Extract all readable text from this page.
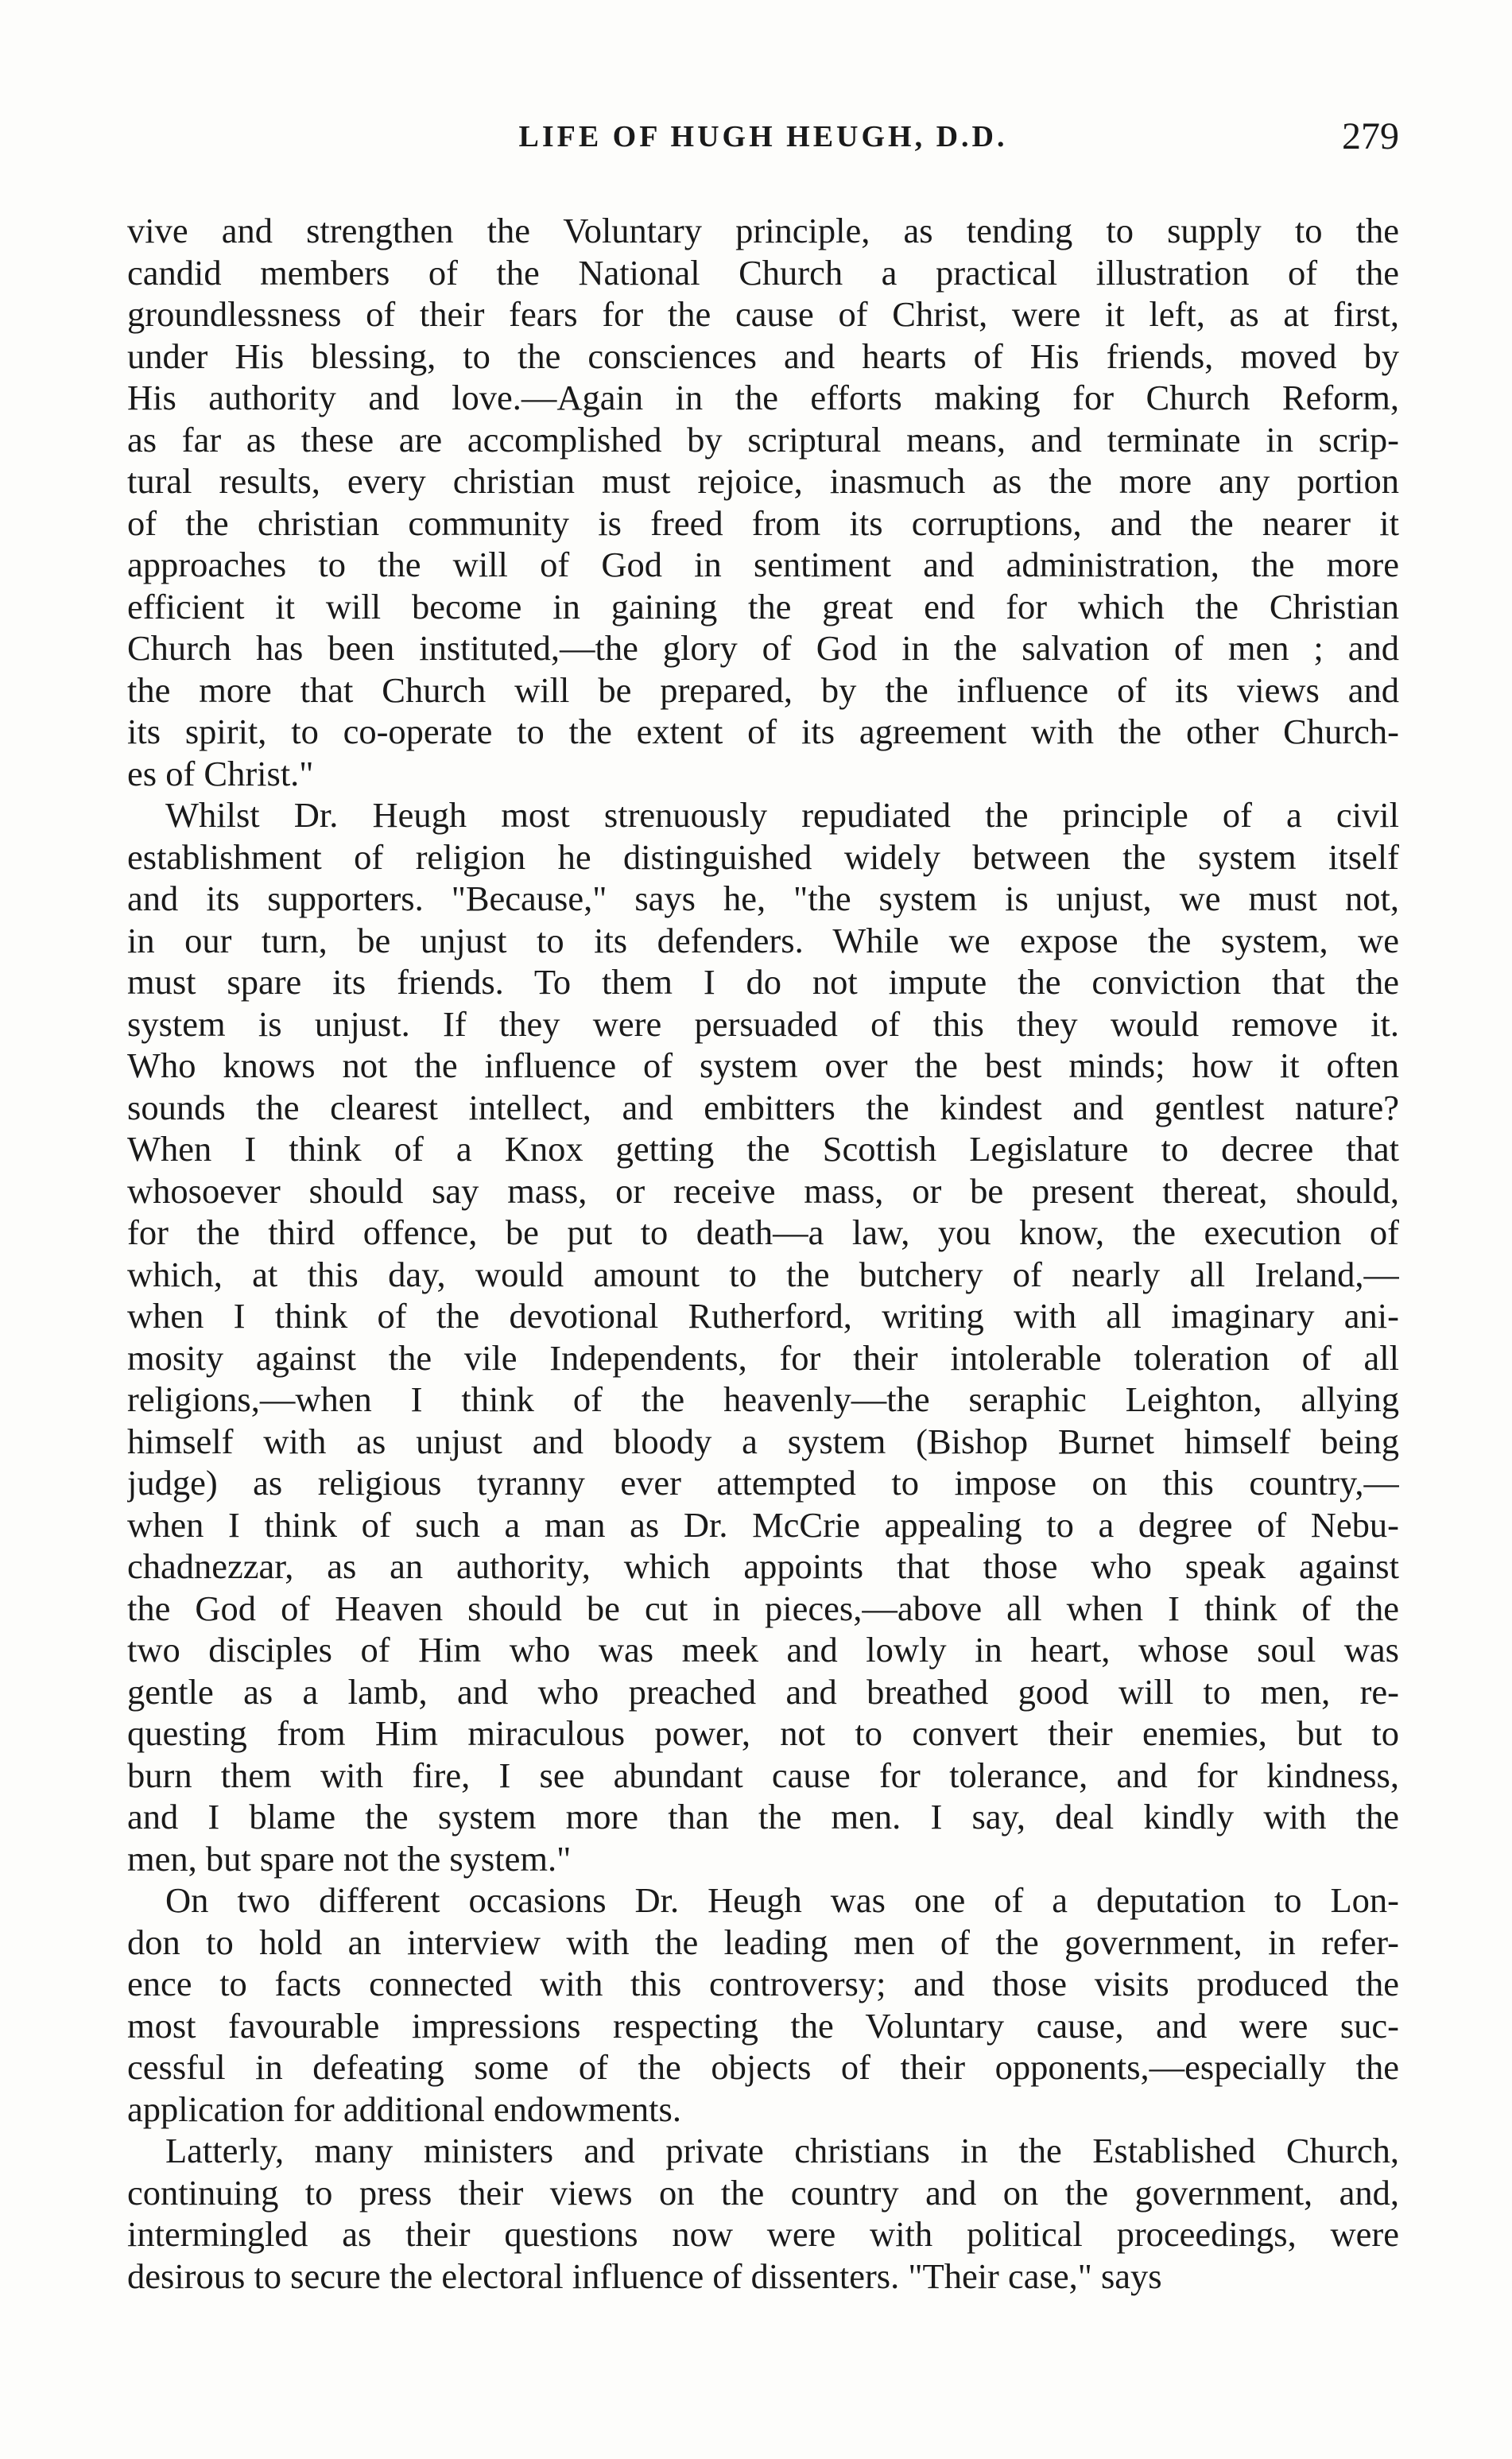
LIFE OF HUGH HEUGH, D.D.	279
vive and strengthen the Voluntary principle, as tending to supply to the
candid members of the National Church a practical illustration of the
groundlessness of their fears for the cause of Christ, were it left, as at first,
under His blessing, to the consciences and hearts of His friends, moved by
His authority and love.—Again in the efforts making for Church Reform,
as far as these are accomplished by scriptural means, and terminate in scrip-
tural results, every christian must rejoice, inasmuch as the more any portion
of the christian community is freed from its corruptions, and the nearer it
approaches to the will of God in sentiment and administration, the more
efficient it will become in gaining the great end for which the Christian
Church has been instituted,—the glory of God in the salvation of men ; and
the more that Church will be prepared, by the influence of its views and
its spirit, to co-operate to the extent of its agreement with the other Church-
es of Christ."
Whilst Dr. Heugh most strenuously repudiated the principle of a civil
establishment of religion he distinguished widely between the system itself
and its supporters. "Because," says he, "the system is unjust, we must not,
in our turn, be unjust to its defenders. While we expose the system, we
must spare its friends. To them I do not impute the conviction that the
system is unjust. If they were persuaded of this they would remove it.
Who knows not the influence of system over the best minds; how it often
sounds the clearest intellect, and embitters the kindest and gentlest nature?
When I think of a Knox getting the Scottish Legislature to decree that
whosoever should say mass, or receive mass, or be present thereat, should,
for the third offence, be put to death—a law, you know, the execution of
which, at this day, would amount to the butchery of nearly all Ireland,—
when I think of the devotional Rutherford, writing with all imaginary ani-
mosity against the vile Independents, for their intolerable toleration of all
religions,—when I think of the heavenly—the seraphic Leighton, allying
himself with as unjust and bloody a system (Bishop Burnet himself being
judge) as religious tyranny ever attempted to impose on this country,—
when I think of such a man as Dr. McCrie appealing to a degree of Nebu-
chadnezzar, as an authority, which appoints that those who speak against
the God of Heaven should be cut in pieces,—above all when I think of the
two disciples of Him who was meek and lowly in heart, whose soul was
gentle as a lamb, and who preached and breathed good will to men, re-
questing from Him miraculous power, not to convert their enemies, but to
burn them with fire, I see abundant cause for tolerance, and for kindness,
and I blame the system more than the men. I say, deal kindly with the
men, but spare not the system."
On two different occasions Dr. Heugh was one of a deputation to Lon-
don to hold an interview with the leading men of the government, in refer-
ence to facts connected with this controversy; and those visits produced the
most favourable impressions respecting the Voluntary cause, and were suc-
cessful in defeating some of the objects of their opponents,—especially the
application for additional endowments.
Latterly, many ministers and private christians in the Established Church,
continuing to press their views on the country and on the government, and,
intermingled as their questions now were with political proceedings, were
desirous to secure the electoral influence of dissenters. "Their case," says
